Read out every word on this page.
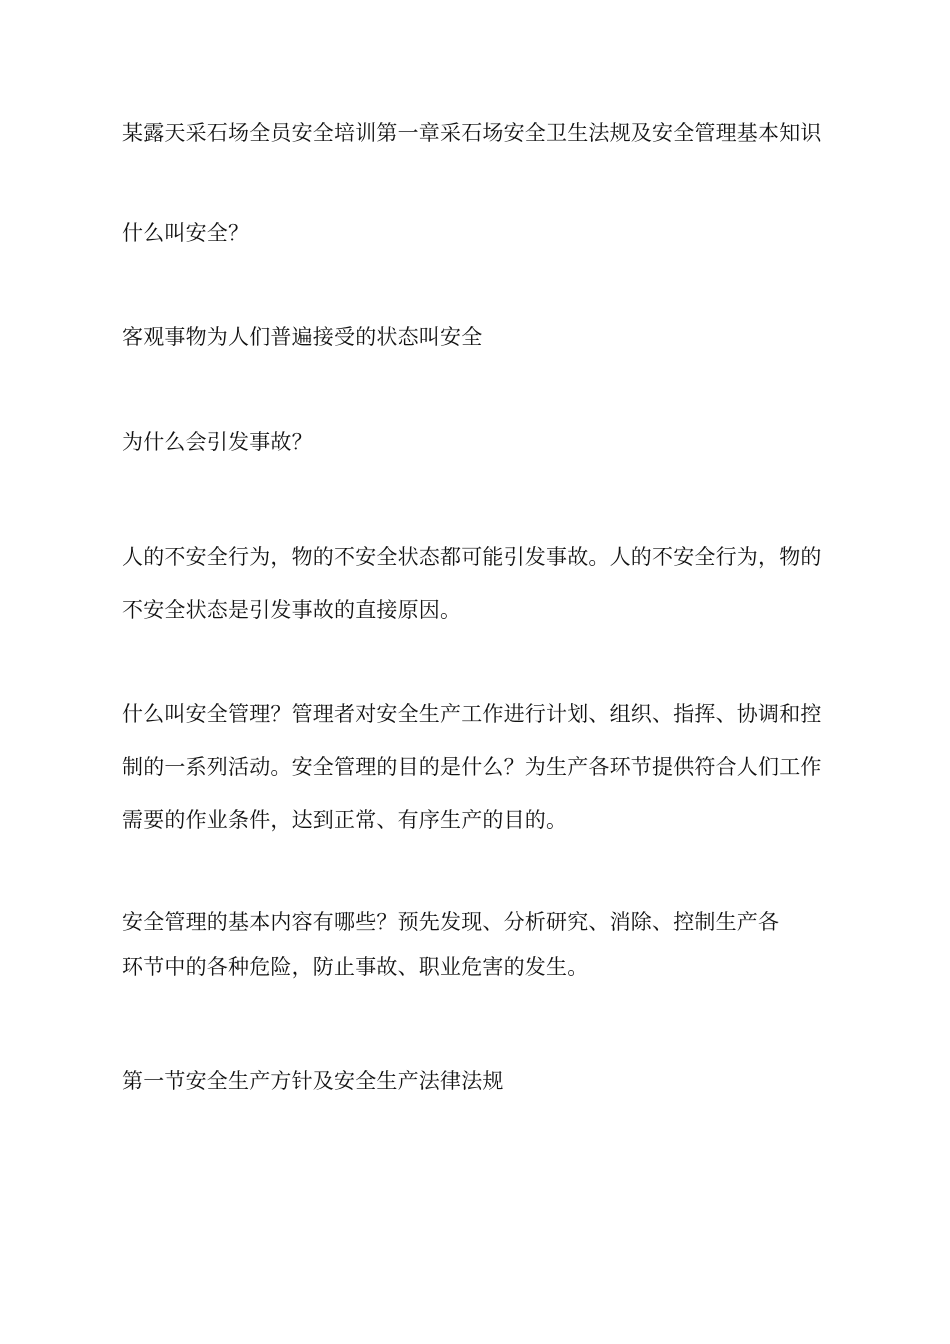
某露天采石场全员安全培训第一章采石场安全卫生法规及安全管理基本知识

什么叫安全？

客观事物为人们普遍接受的状态叫安全

为什么会引发事故？

人的不安全行为，物的不安全状态都可能引发事故。人的不安全行为，物的
不安全状态是引发事故的直接原因。
什么叫安全管理？管理者对安全生产工作进行计划、组织、指挥、协调和控
制的一系列活动。安全管理的目的是什么？为生产各环节提供符合人们工作
需要的作业条件，达到正常、有序生产的目的。
安全管理的基本内容有哪些？预先发现、分析研究、消除、控制生产各
环节中的各种危险，防止事故、职业危害的发生。

第一节安全生产方针及安全生产法律法规
